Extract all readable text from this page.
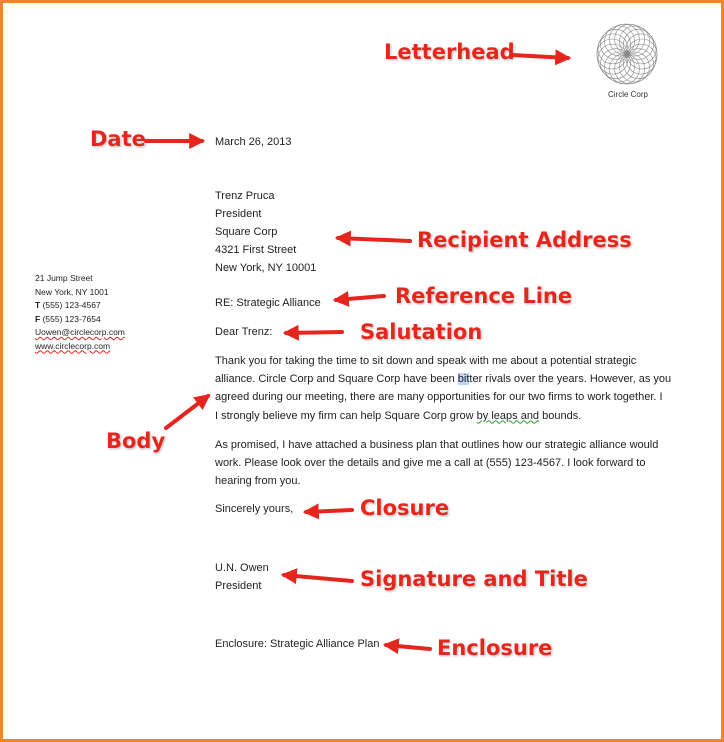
Circle Corp
March 26, 2013
Trenz Pruca
President
Square Corp
4321 First Street
New York, NY 10001
21 Jump Street
New York, NY 1001
T (555) 123-4567
F (555) 123-7654
Uowen@circlecorp.com
www.circlecorp.com
RE: Strategic Alliance
Dear Trenz:
Thank you for taking the time to sit down and speak with me about a potential strategic
alliance. Circle Corp and Square Corp have been bitter rivals over the years. However, as you
agreed during our meeting, there are many opportunities for our two firms to work together. I
I strongly believe my firm can help Square Corp grow by leaps and bounds.
As promised, I have attached a business plan that outlines how our strategic alliance would
work. Please look over the details and give me a call at (555) 123-4567. I look forward to
hearing from you.
Sincerely yours,
U.N. Owen
President
Enclosure: Strategic Alliance Plan
Letterhead
Date
Recipient Address
Reference Line
Salutation
Body
Closure
Signature and Title
Enclosure
